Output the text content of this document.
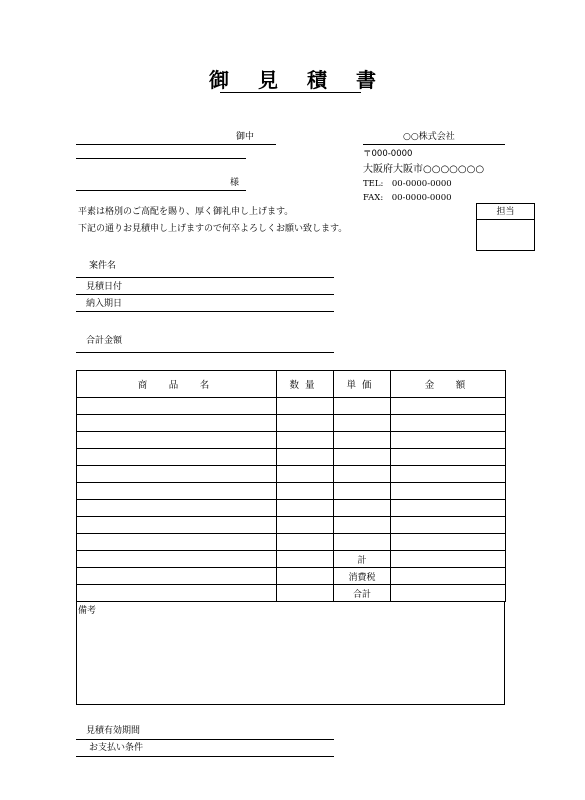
御 見 積 書
御中
様
○○株式会社
〒000-0000
大阪府大阪市○○○○○○○
TEL:　00-0000-0000
FAX:　00-0000-0000
担当
平素は格別のご高配を賜り、厚く御礼申し上げます。
下記の通りお見積申し上げますので何卒よろしくお願い致します。
案件名
見積日付
納入期日
合計金額
商　品　名	数量	単価	金　額

		計	
		消費税	
		合計	
備考
見積有効期間
お支払い条件
